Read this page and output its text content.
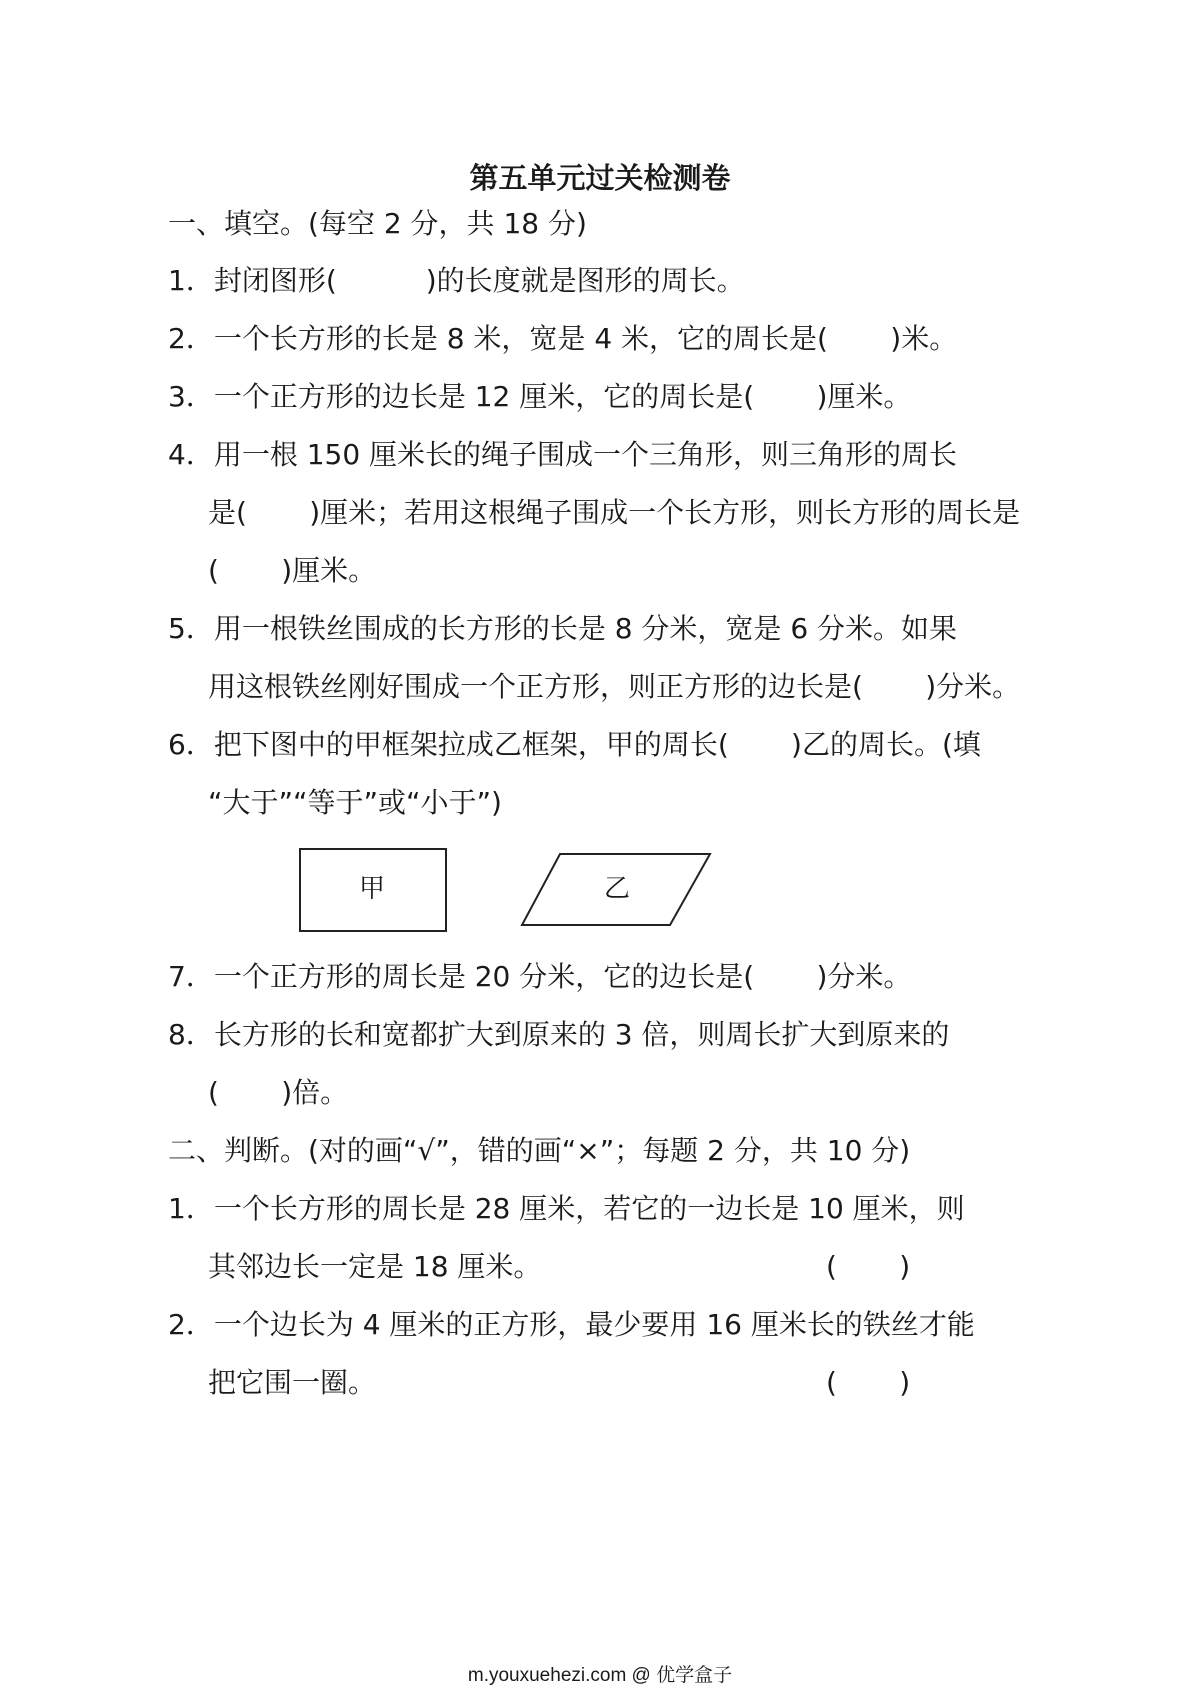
第五单元过关检测卷
一、填空。(每空 2 分，共 18 分)
1．封闭图形(          )的长度就是图形的周长。
2．一个长方形的长是 8 米，宽是 4 米，它的周长是(       )米。
3．一个正方形的边长是 12 厘米，它的周长是(       )厘米。
4．用一根 150 厘米长的绳子围成一个三角形，则三角形的周长
是(       )厘米；若用这根绳子围成一个长方形，则长方形的周长是
(       )厘米。
5．用一根铁丝围成的长方形的长是 8 分米，宽是 6 分米。如果
用这根铁丝刚好围成一个正方形，则正方形的边长是(       )分米。
6．把下图中的甲框架拉成乙框架，甲的周长(       )乙的周长。(填
“大于”“等于”或“小于”)
甲	乙
7．一个正方形的周长是 20 分米，它的边长是(       )分米。
8．长方形的长和宽都扩大到原来的 3 倍，则周长扩大到原来的
(       )倍。
二、判断。(对的画“√”，错的画“×”；每题 2 分，共 10 分)
1．一个长方形的周长是 28 厘米，若它的一边长是 10 厘米，则
其邻边长一定是 18 厘米。	(       )
2．一个边长为 4 厘米的正方形，最少要用 16 厘米长的铁丝才能
把它围一圈。	(       )
m.youxuehezi.com @ 优学盒子
